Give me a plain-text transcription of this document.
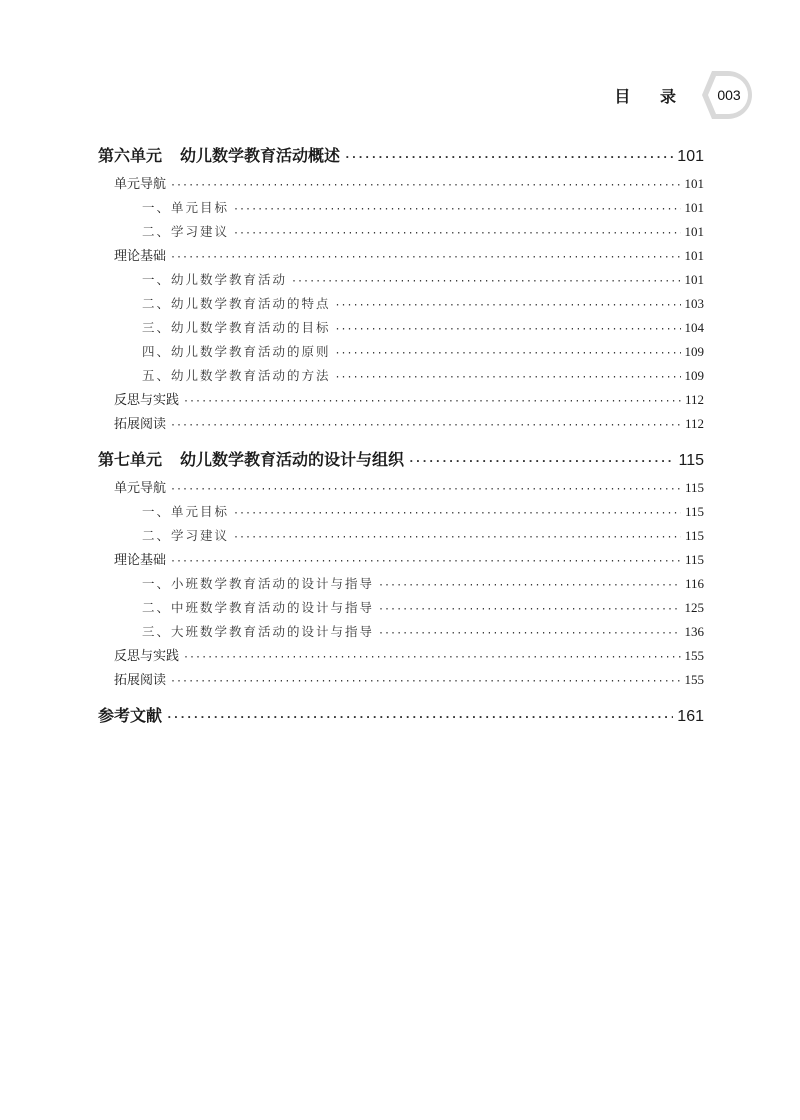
目 录	003
第六单元 幼儿数学教育活动概述 ·····	101
单元导航 ·····	101
一、单元目标 ·····	101
二、学习建议 ·····	101
理论基础 ·····	101
一、幼儿数学教育活动 ·····	101
二、幼儿数学教育活动的特点 ·····	103
三、幼儿数学教育活动的目标 ·····	104
四、幼儿数学教育活动的原则 ·····	109
五、幼儿数学教育活动的方法 ·····	109
反思与实践 ·····	112
拓展阅读 ·····	112
第七单元 幼儿数学教育活动的设计与组织 ·····	115
单元导航 ·····	115
一、单元目标 ·····	115
二、学习建议 ·····	115
理论基础 ·····	115
一、小班数学教育活动的设计与指导 ·····	116
二、中班数学教育活动的设计与指导 ·····	125
三、大班数学教育活动的设计与指导 ·····	136
反思与实践 ·····	155
拓展阅读 ·····	155
参考文献 ·····	161
